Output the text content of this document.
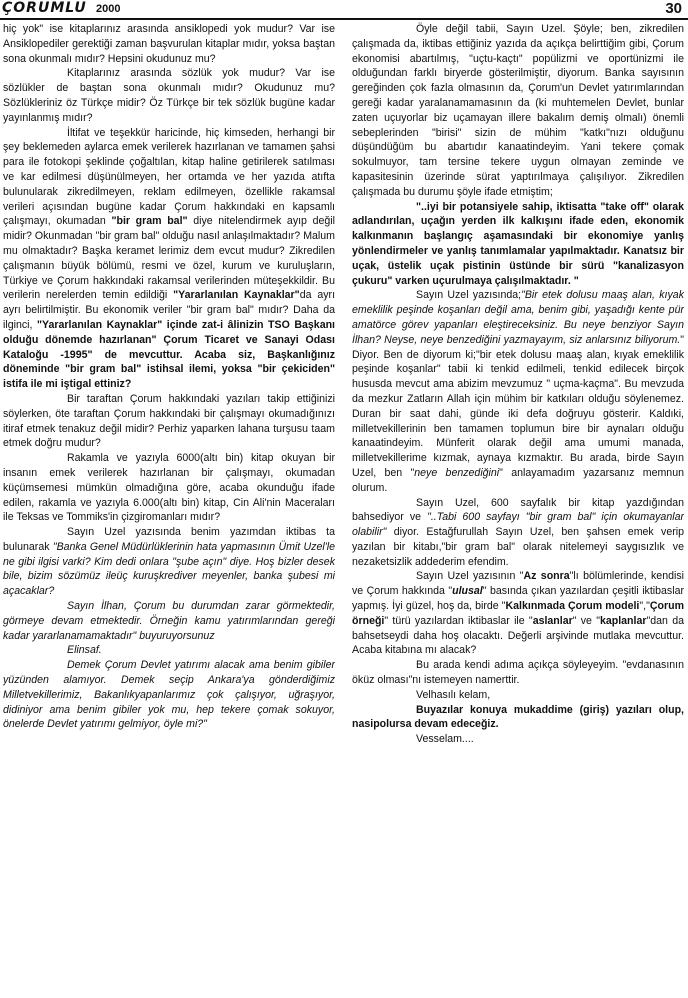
ÇORUMLU 2000	30

hiç yok" ise kitaplarınız arasında ansiklopedi yok mudur? Var ise Ansiklopediler gerektiği zaman başvurulan kitaplar mıdır, yoksa baştan sona okunmalı mıdır? Hepsini okudunuz mu?

Kitaplarınız arasında sözlük yok mudur? Var ise sözlükler de baştan sona okunmalı mıdır? Okudunuz mu? Sözlükleriniz öz Türkçe midir? Öz Türkçe bir tek sözlük bugüne kadar yayınlanmış mıdır?

İltifat ve teşekkür haricinde, hiç kimseden, herhangi bir şey beklemeden aylarca emek verilerek hazırlanan ve tamamen şahsi para ile fotokopi şeklinde çoğaltılan, kitap haline getirilerek satılması ve kar edilmesi düşünülmeyen, her ortamda ve her yazıda atıfta bulunularak zikredilmeyen, reklam edilmeyen, özellikle rakamsal verileri açısından bugüne kadar Çorum hakkındaki en kapsamlı çalışmayı, okumadan "bir gram bal" diye nitelendirmek ayıp değil midir? Okunmadan "bir gram bal" olduğu nasıl anlaşılmaktadır? Malum mu olmaktadır? Başka keramet lerimiz dem evcut mudur? Zikredilen çalışmanın büyük bölümü, resmi ve özel, kurum ve kuruluşların, Türkiye ve Çorum hakkındaki rakamsal verilerinden müteşekkildir. Bu verilerin nerelerden temin edildiği "Yararlanılan Kaynaklar"da ayrı ayrı belirtilmiştir. Bu ekonomik veriler "bir gram bal" mıdır? Daha da ilginci, "Yararlanılan Kaynaklar" içinde zat-i âlinizin TSO Başkanı olduğu dönemde hazırlanan" Çorum Ticaret ve Sanayi Odası Kataloğu -1995" de mevcuttur. Acaba siz, Başkanlığınız döneminde "bir gram bal" istihsal ilemi, yoksa "bir çekiciden" istifa ile mi iştigal ettiniz?

Bir taraftan Çorum hakkındaki yazıları takip ettiğinizi söylerken, öte taraftan Çorum hakkındaki bir çalışmayı okumadığınızı itiraf etmek tenakuz değil midir? Perhiz yaparken lahana turşusu taam etmek doğru mudur?

Rakamla ve yazıyla 6000(altı bin) kitap okuyan bir insanın emek verilerek hazırlanan bir çalışmayı, okumadan küçümsemesi mümkün olmadığına göre, acaba okunduğu ifade edilen, rakamla ve yazıyla 6.000(altı bin) kitap, Cin Ali'nin Maceraları ile Teksas ve Tommiks'in çizgiromanları mıdır?

Sayın Uzel yazısında benim yazımdan iktibas ta bulunarak "Banka Genel Müdürlüklerinin hata yapmasının Ümit Uzel'le ne gibi ilgisi varki? Kim dedi onlara "şube açın" diye. Hoş bizler desek bile, bizim sözümüz ileüç kuruşkrediver meyenler, banka şubesi mi açacaklar?

Sayın İlhan, Çorum bu durumdan zarar görmektedir, görmeye devam etmektedir. Örneğin kamu yatırımlarından gereği kadar yararlanamamaktadır" buyuruyorsunuz

Elinsaf.

Demek Çorum Devlet yatırımı alacak ama benim gibiler yüzünden alamıyor. Demek seçip Ankara'ya gönderdiğimiz Milletvekillerimiz, Bakanlıkyapanlarımız çok çalışıyor, uğraşıyor, didiniyor ama benim gibiler yok mu, hep tekere çomak sokuyor, önelerde Devlet yatırımı gelmiyor, öyle mi?"

Öyle değil tabii, Sayın Uzel. Şöyle; ben, zikredilen çalışmada da, iktibas ettiğiniz yazıda da açıkça belirttiğim gibi, Çorum ekonomisi abartılmış, "uçtu-kaçtı" popülizmi ve oportünizmi ile olduğundan farklı biryerde gösterilmiştir, diyorum. Banka sayısının gereğinden çok fazla olmasının da, Çorum'un Devlet yatırımlarından gereği kadar yaralanamamasının da (ki muhtemelen Devlet, bunlar zaten uçuyorlar biz uçamayan illere bakalım demiş olmalı) önemli sebeplerinden "birisi" sizin de mühim "katkı"nızı olduğunu düşündüğüm bu abartıdır kanaatindeyim. Yani tekere çomak sokulmuyor, tam tersine tekere uygun olmayan zeminde ve kapasitesinin üzerinde sürat yaptırılmaya çalışılıyor. Zikredilen çalışmada bu durumu şöyle ifade etmiştim;

"..iyi bir potansiyele sahip, iktisatta "take off" olarak adlandırılan, uçağın yerden ilk kalkışını ifade eden, ekonomik kalkınmanın başlangıç aşamasındaki bir ekonomiye yanlış yönlendirmeler ve yanlış tanımlamalar yapılmaktadır. Kanatsız bir uçak, üstelik uçak pistinin üstünde bir sürü "kanalizasyon çukuru" varken uçurulmaya çalışılmaktadır. "

Sayın Uzel yazısında;"Bir etek dolusu maaş alan, kıyak emeklilik peşinde koşanları değil ama, benim gibi, yaşadığı kente pür amatörce görev yapanları eleştireceksiniz. Bu neye benziyor Sayın İlhan? Neyse, neye benzediğini yazmayayım, siz anlarsınız biliyorum." Diyor. Ben de diyorum ki;"bir etek dolusu maaş alan, kıyak emeklilik peşinde koşanlar" tabii ki tenkid edilmeli, tenkid edilecek birçok hususda mevcut ama abizim mevzumuz " uçma-kaçma". Bu mevzuda da mezkur Zatların Allah için mühim bir katkıları olduğu söylenemez. Duran bir saat dahi, günde iki defa doğruyu gösterir. Kaldıki, milletvekillerinin ben tamamen toplumun bire bir aynaları olduğu kanaatindeyim. Münferit olarak değil ama umumi manada, milletvekillerime kızmak, aynaya kızmaktır. Bu arada, birde Sayın Uzel, ben "neye benzediğini" anlayamadım yazarsanız memnun olurum.

Sayın Uzel, 600 sayfalık bir kitap yazdığından bahsediyor ve "..Tabi 600 sayfayı "bir gram bal" için okumayanlar olabilir" diyor. Estağfurullah Sayın Uzel, ben şahsen emek verip yazılan bir kitabı,"bir gram bal" olarak nitelemeyi saygısızlık ve nezaketsizlik addederim efendim.

Sayın Uzel yazısının "Az sonra"lı bölümlerinde, kendisi ve Çorum hakkında "ulusal" basında çıkan yazılardan çeşitli iktibaslar yapmış. İyi güzel, hoş da, birde "Kalkınmada Çorum modeli","Çorum örneği" türü yazılardan iktibaslar ile "aslanlar" ve "kaplanlar"dan da bahsetseydi daha hoş olacaktı. Değerli arşivinde mutlaka mevcuttur. Acaba kitabına mı alacak?

Bu arada kendi adıma açıkça söyleyeyim. "evdanasının öküz olması"nı istemeyen namerttir.

Velhasılı kelam,

Buyazılar konuya mukaddime (giriş) yazıları olup, nasipolursa devam edeceğiz.

Vesselam....
